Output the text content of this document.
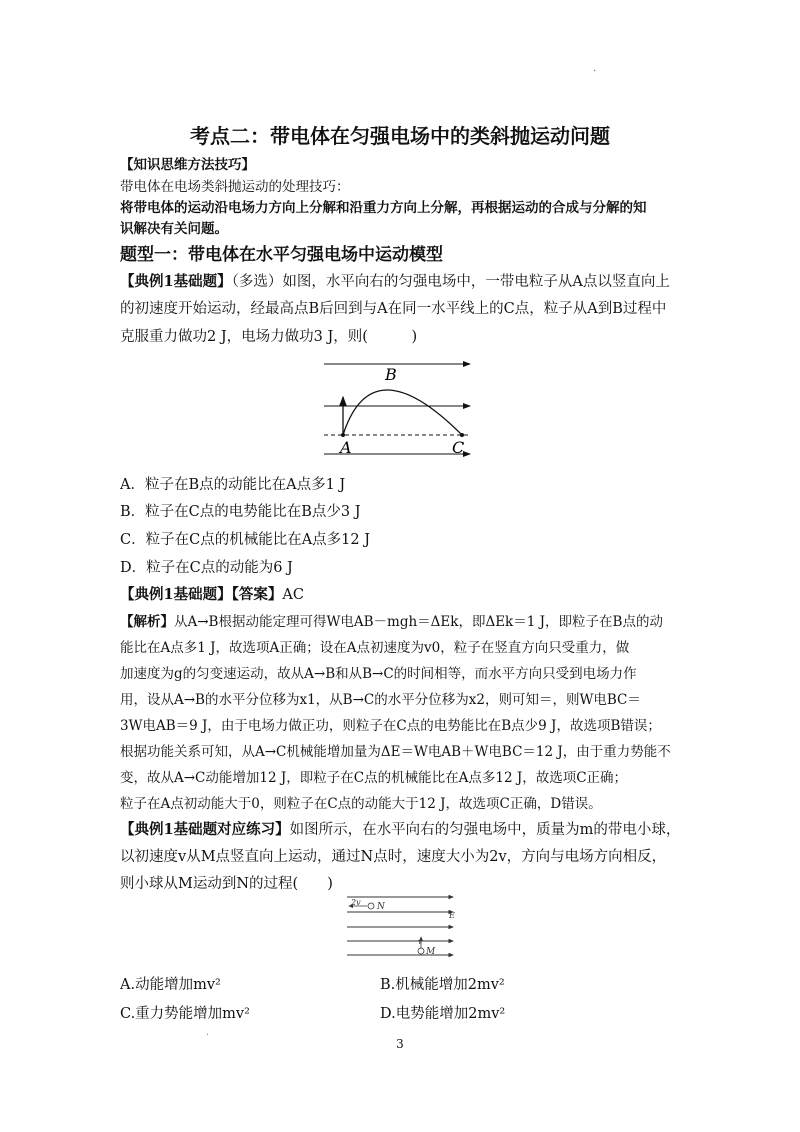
·
考点二：带电体在匀强电场中的类斜抛运动问题
【知识思维方法技巧】
带电体在电场类斜抛运动的处理技巧：
将带电体的运动沿电场力方向上分解和沿重力方向上分解，再根据运动的合成与分解的知
识解决有关问题。
题型一：带电体在水平匀强电场中运动模型
【典例1基础题】（多选）如图，水平向右的匀强电场中，一带电粒子从A点以竖直向上
的初速度开始运动，经最高点B后回到与A在同一水平线上的C点，粒子从A到B过程中
克服重力做功2 J，电场力做功3 J，则(　　　)
B
A	C
A．粒子在B点的动能比在A点多1 J
B．粒子在C点的电势能比在B点少3 J
C．粒子在C点的机械能比在A点多12 J
D．粒子在C点的动能为6 J
【典例1基础题】【答案】AC
【解析】从A→B根据动能定理可得W电AB－mgh＝ΔEk，即ΔEk＝1 J，即粒子在B点的动
能比在A点多1 J，故选项A正确；设在A点初速度为v0，粒子在竖直方向只受重力，做
加速度为g的匀变速运动，故从A→B和从B→C的时间相等，而水平方向只受到电场力作
用，设从A→B的水平分位移为x1，从B→C的水平分位移为x2，则可知＝，则W电BC＝
3W电AB＝9 J，由于电场力做正功，则粒子在C点的电势能比在B点少9 J，故选项B错误；
根据功能关系可知，从A→C机械能增加量为ΔE＝W电AB＋W电BC＝12 J，由于重力势能不
变，故从A→C动能增加12 J，即粒子在C点的机械能比在A点多12 J，故选项C正确；
粒子在A点初动能大于0，则粒子在C点的动能大于12 J，故选项C正确，D错误。
【典例1基础题对应练习】如图所示，在水平向右的匀强电场中，质量为m的带电小球，
以初速度v从M点竖直向上运动，通过N点时，速度大小为2v，方向与电场方向相反，
则小球从M运动到N的过程(　　)
2v N
E
v
M
A.动能增加mv²	B.机械能增加2mv²
C.重力势能增加mv²	D.电势能增加2mv²
·
3
